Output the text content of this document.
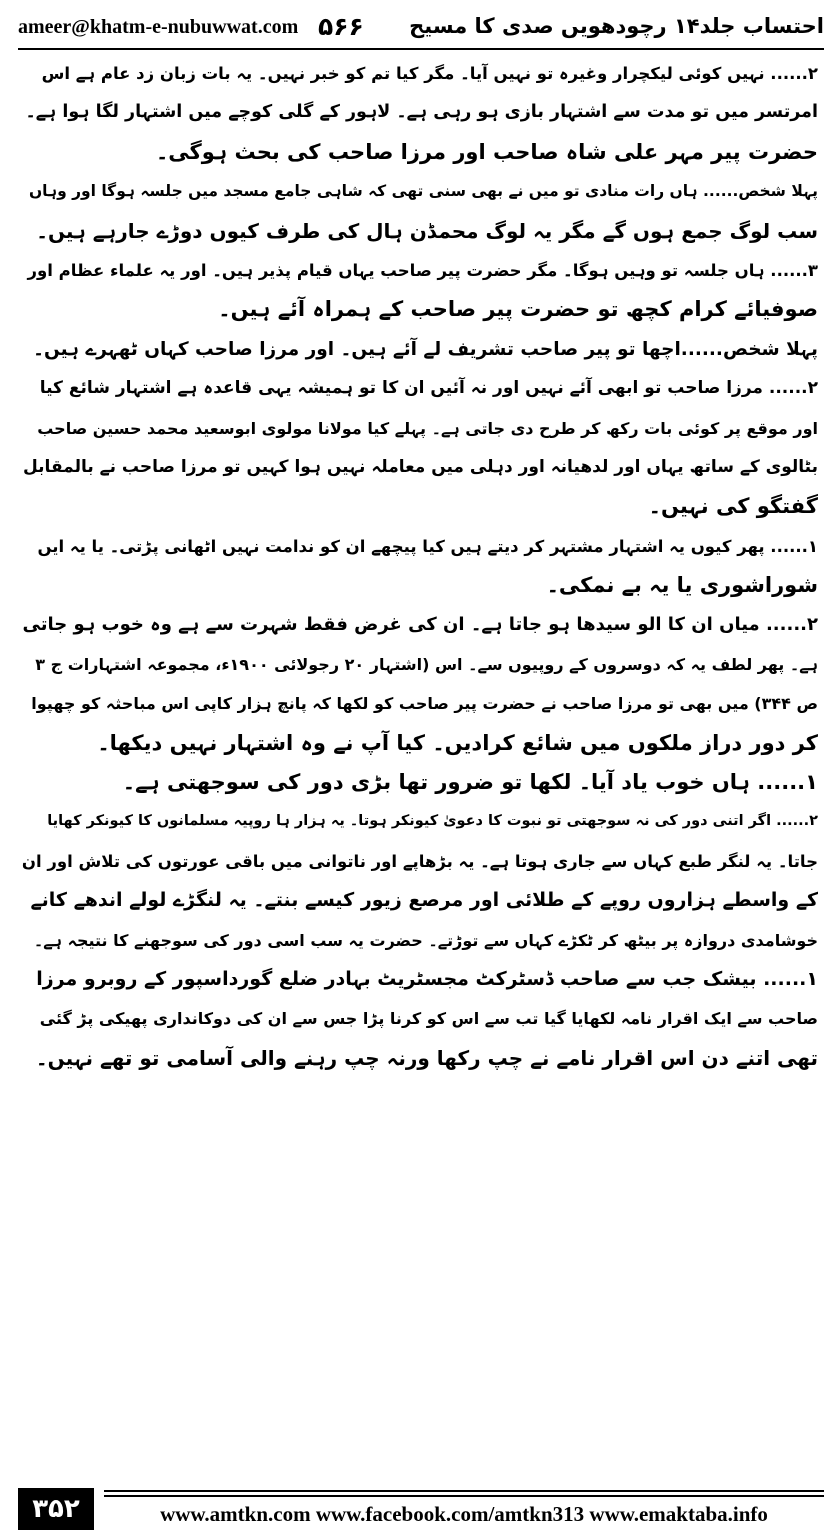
ameer@khatm-e-nubuwwat.com ۵۶۶ احتساب جلد۱۴ رچودھویں صدی کا مسیح
۲...... نہیں کوئی لیکچرار وغیرہ تو نہیں آیا۔ مگر کیا تم کو خبر نہیں۔ یہ بات زبان زد عام ہے اس
امرتسر میں تو مدت سے اشتہار بازی ہو رہی ہے۔ لاہور کے گلی کوچے میں اشتہار لگا ہوا ہے۔
حضرت پیر مہر علی شاہ صاحب اور مرزا صاحب کی بحث ہوگی۔
پہلا شخص...... ہاں رات منادی تو میں نے بھی سنی تھی کہ شاہی جامع مسجد میں جلسہ ہوگا اور وہاں
سب لوگ جمع ہوں گے مگر یہ لوگ محمڈن ہال کی طرف کیوں دوڑے جارہے ہیں۔
۳...... ہاں جلسہ تو وہیں ہوگا۔ مگر حضرت پیر صاحب یہاں قیام پذیر ہیں۔ اور یہ علماء عظام اور
صوفیائے کرام کچھ تو حضرت پیر صاحب کے ہمراہ آئے ہیں۔
پہلا شخص......اچھا تو پیر صاحب تشریف لے آئے ہیں۔ اور مرزا صاحب کہاں ٹھہرے ہیں۔
۲...... مرزا صاحب تو ابھی آئے نہیں اور نہ آئیں ان کا تو ہمیشہ یہی قاعدہ ہے اشتہار شائع کیا
اور موقع پر کوئی بات رکھ کر طرح دی جاتی ہے۔ پہلے کیا مولانا مولوی ابوسعید محمد حسین صاحب
بٹالوی کے ساتھ یہاں اور لدھیانہ اور دہلی میں معاملہ نہیں ہوا کہیں تو مرزا صاحب نے بالمقابل
گفتگو کی نہیں۔
۱...... پھر کیوں یہ اشتہار مشتہر کر دیتے ہیں کیا پیچھے ان کو ندامت نہیں اٹھانی پڑتی۔ یا یہ ایں
شوراشوری یا یہ بے نمکی۔
۲...... میاں ان کا الو سیدھا ہو جاتا ہے۔ ان کی غرض فقط شہرت سے ہے وہ خوب ہو جاتی
ہے۔ پھر لطف یہ کہ دوسروں کے روپیوں سے۔ اس (اشتہار ۲۰ رجولائی ۱۹۰۰ء، مجموعہ اشتہارات ج ۳
ص ۳۴۴) میں بھی تو مرزا صاحب نے حضرت پیر صاحب کو لکھا کہ پانچ ہزار کاپی اس مباحثہ کو چھپوا
کر دور دراز ملکوں میں شائع کرادیں۔ کیا آپ نے وہ اشتہار نہیں دیکھا۔
۱...... ہاں خوب یاد آیا۔ لکھا تو ضرور تھا بڑی دور کی سوجھتی ہے۔
۲...... اگر اتنی دور کی نہ سوجھتی تو نبوت کا دعویٰ کیونکر ہوتا۔ یہ ہزار ہا روپیہ مسلمانوں کا کیونکر کھایا
جاتا۔ یہ لنگر طبع کہاں سے جاری ہوتا ہے۔ یہ بڑھاپے اور ناتوانی میں باقی عورتوں کی تلاش اور ان
کے واسطے ہزاروں روپے کے طلائی اور مرصع زیور کیسے بنتے۔ یہ لنگڑے لولے اندھے کانے
خوشامدی دروازہ پر بیٹھ کر ٹکڑے کہاں سے توڑتے۔ حضرت یہ سب اسی دور کی سوجھنے کا نتیجہ ہے۔
۱...... بیشک جب سے صاحب ڈسٹرکٹ مجسٹریٹ بہادر ضلع گورداسپور کے روبرو مرزا
صاحب سے ایک اقرار نامہ لکھایا گیا تب سے اس کو کرنا پڑا جس سے ان کی دوکانداری پھیکی پڑ گئی
تھی اتنے دن اس اقرار نامے نے چپ رکھا ورنہ چپ رہنے والی آسامی تو تھے نہیں۔
۳۵۲	www.amtkn.com www.facebook.com/amtkn313 www.emaktaba.info
